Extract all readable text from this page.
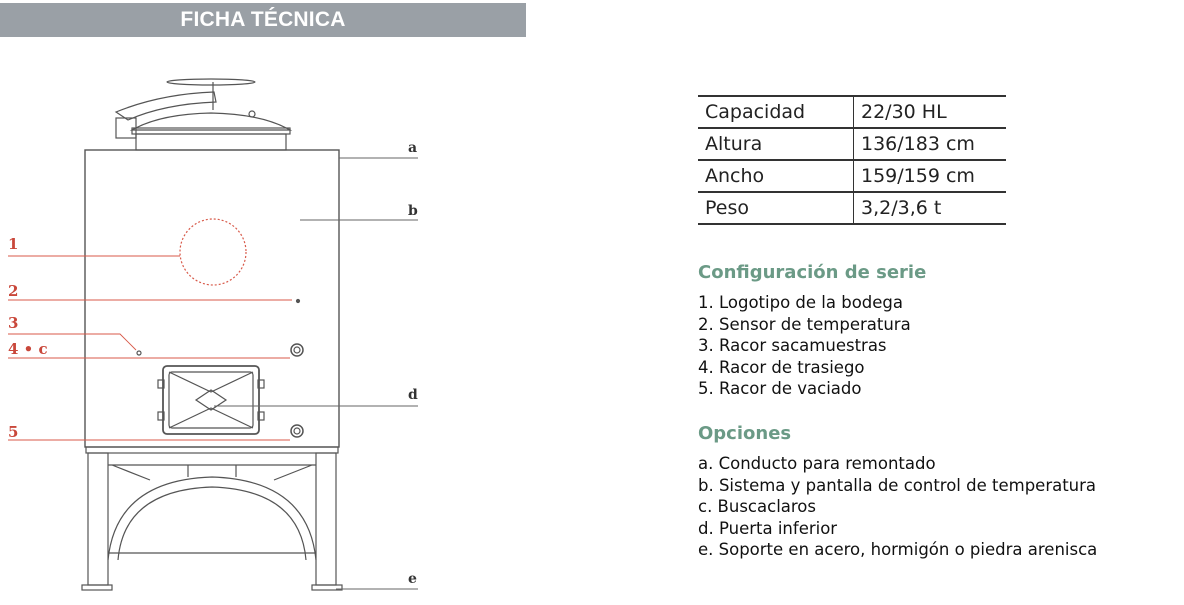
FICHA TÉCNICA
1
2
3
4 • c
5
a
b
d
e
Capacidad	22/30 HL
Altura	136/183 cm
Ancho	159/159 cm
Peso	3,2/3,6 t
Configuración de serie
1. Logotipo de la bodega
2. Sensor de temperatura
3. Racor sacamuestras
4. Racor de trasiego
5. Racor de vaciado
Opciones
a. Conducto para remontado
b. Sistema y pantalla de control de temperatura
c. Buscaclaros
d. Puerta inferior
e. Soporte en acero, hormigón o piedra arenisca
